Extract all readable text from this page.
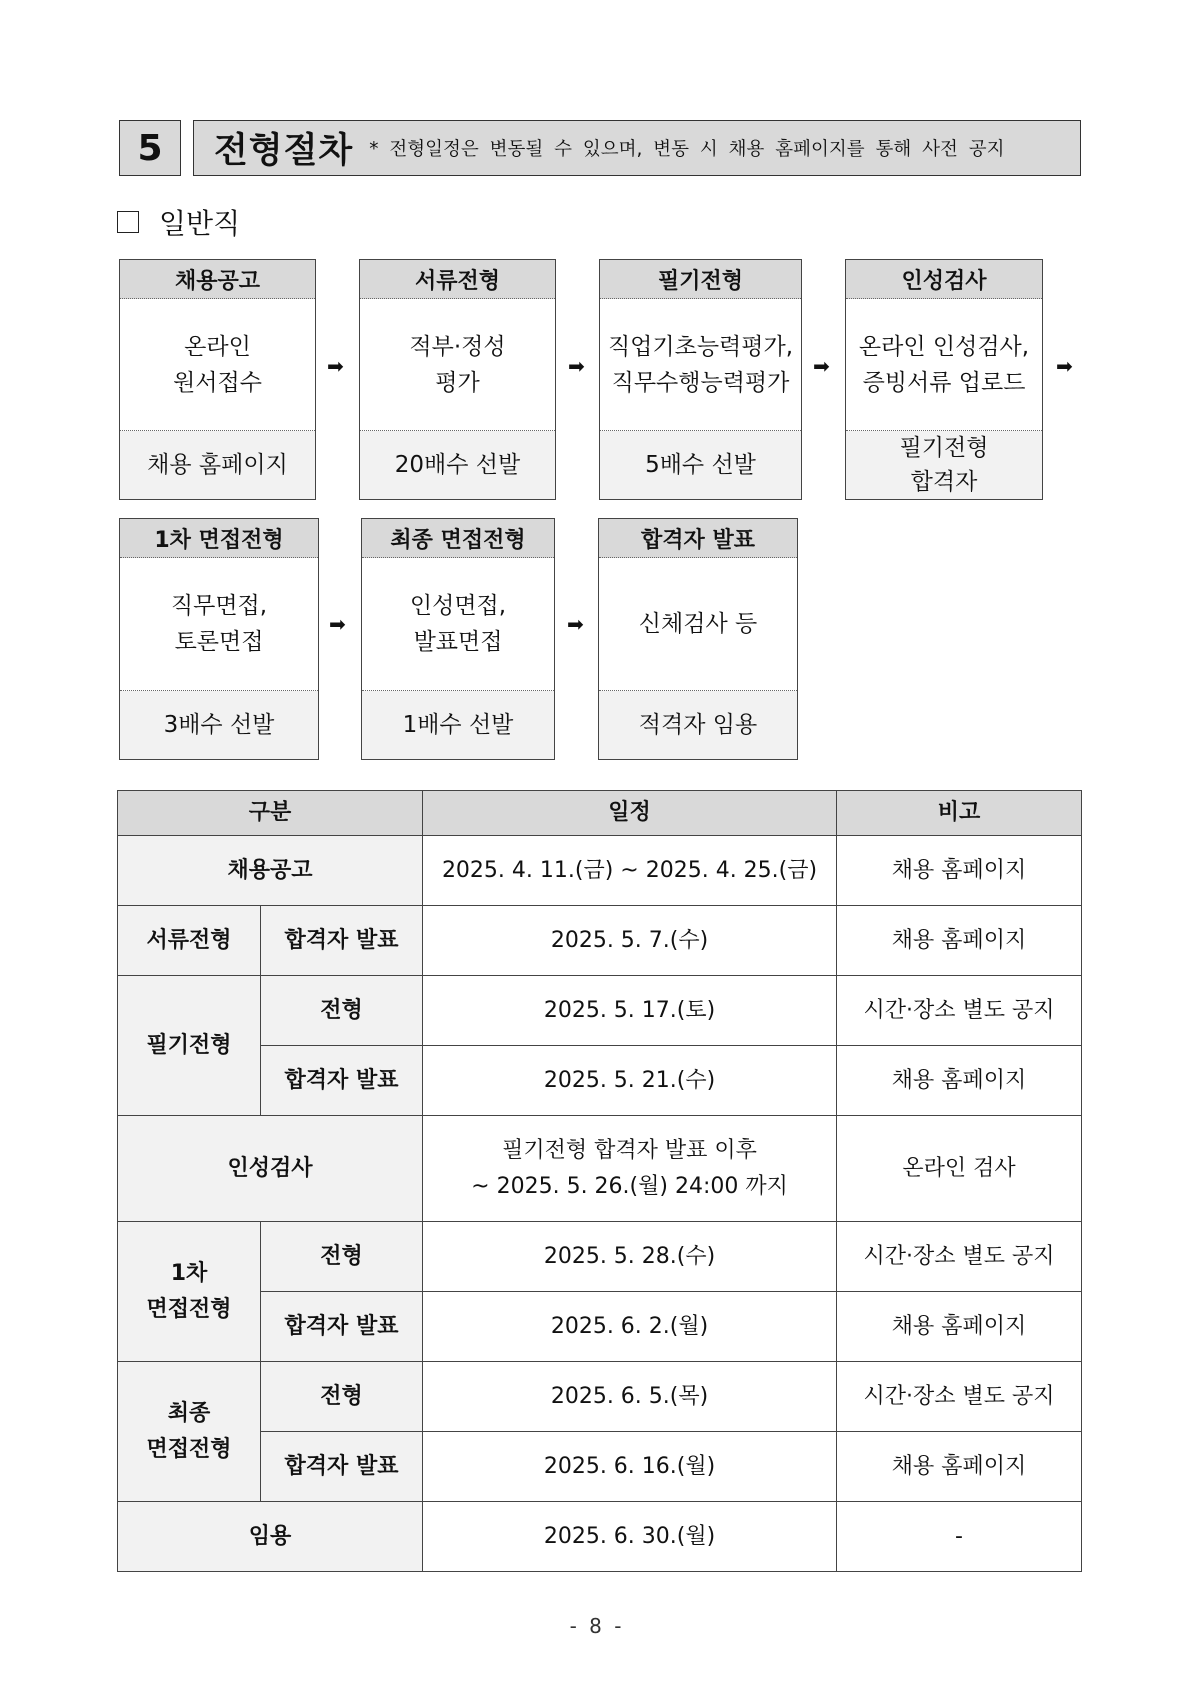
5	전형절차 * 전형일정은 변동될 수 있으며, 변동 시 채용 홈페이지를 통해 사전 공지
일반직
채용공고
온라인
원서접수
채용 홈페이지
➡
서류전형
적부·정성
평가
20배수 선발
➡
필기전형
직업기초능력평가,
직무수행능력평가
5배수 선발
➡
인성검사
온라인 인성검사,
증빙서류 업로드
필기전형
합격자
➡
1차 면접전형
직무면접,
토론면접
3배수 선발
➡
최종 면접전형
인성면접,
발표면접
1배수 선발
➡
합격자 발표
신체검사 등
적격자 임용
구분		일정	비고
채용공고		2025. 4. 11.(금) ~ 2025. 4. 25.(금)	채용 홈페이지
서류전형	합격자 발표	2025. 5. 7.(수)	채용 홈페이지
필기전형	전형	2025. 5. 17.(토)	시간·장소 별도 공지
	합격자 발표	2025. 5. 21.(수)	채용 홈페이지
인성검사		필기전형 합격자 발표 이후
~ 2025. 5. 26.(월) 24:00 까지	온라인 검사
1차
면접전형	전형	2025. 5. 28.(수)	시간·장소 별도 공지
	합격자 발표	2025. 6. 2.(월)	채용 홈페이지
최종
면접전형	전형	2025. 6. 5.(목)	시간·장소 별도 공지
	합격자 발표	2025. 6. 16.(월)	채용 홈페이지
임용		2025. 6. 30.(월)	-
- 8 -
